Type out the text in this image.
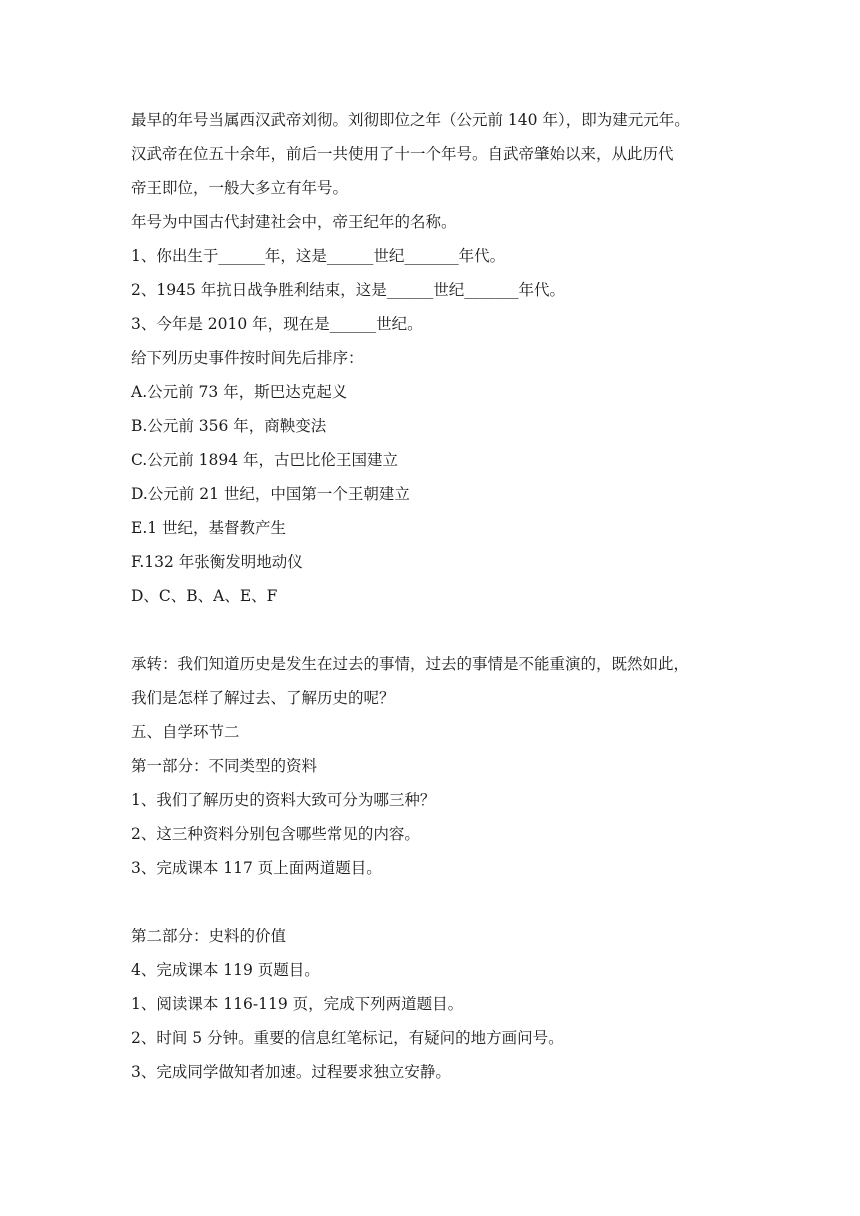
最早的年号当属西汉武帝刘彻。刘彻即位之年（公元前 140 年），即为建元元年。
汉武帝在位五十余年，前后一共使用了十一个年号。自武帝肇始以来，从此历代
帝王即位，一般大多立有年号。
年号为中国古代封建社会中，帝王纪年的名称。
1、你出生于______年，这是______世纪_______年代。
2、1945 年抗日战争胜利结束，这是______世纪_______年代。
3、今年是 2010 年，现在是______世纪。
给下列历史事件按时间先后排序：
A.公元前 73 年，斯巴达克起义
B.公元前 356 年，商鞅变法
C.公元前 1894 年，古巴比伦王国建立
D.公元前 21 世纪，中国第一个王朝建立
E.1 世纪，基督教产生
F.132 年张衡发明地动仪
D、C、B、A、E、F
承转：我们知道历史是发生在过去的事情，过去的事情是不能重演的，既然如此，
我们是怎样了解过去、了解历史的呢？
五、自学环节二
第一部分：不同类型的资料
1、我们了解历史的资料大致可分为哪三种？
2、这三种资料分别包含哪些常见的内容。
3、完成课本 117 页上面两道题目。
第二部分：史料的价值
4、完成课本 119 页题目。
1、阅读课本 116-119 页，完成下列两道题目。
2、时间 5 分钟。重要的信息红笔标记，有疑问的地方画问号。
3、完成同学做知者加速。过程要求独立安静。
